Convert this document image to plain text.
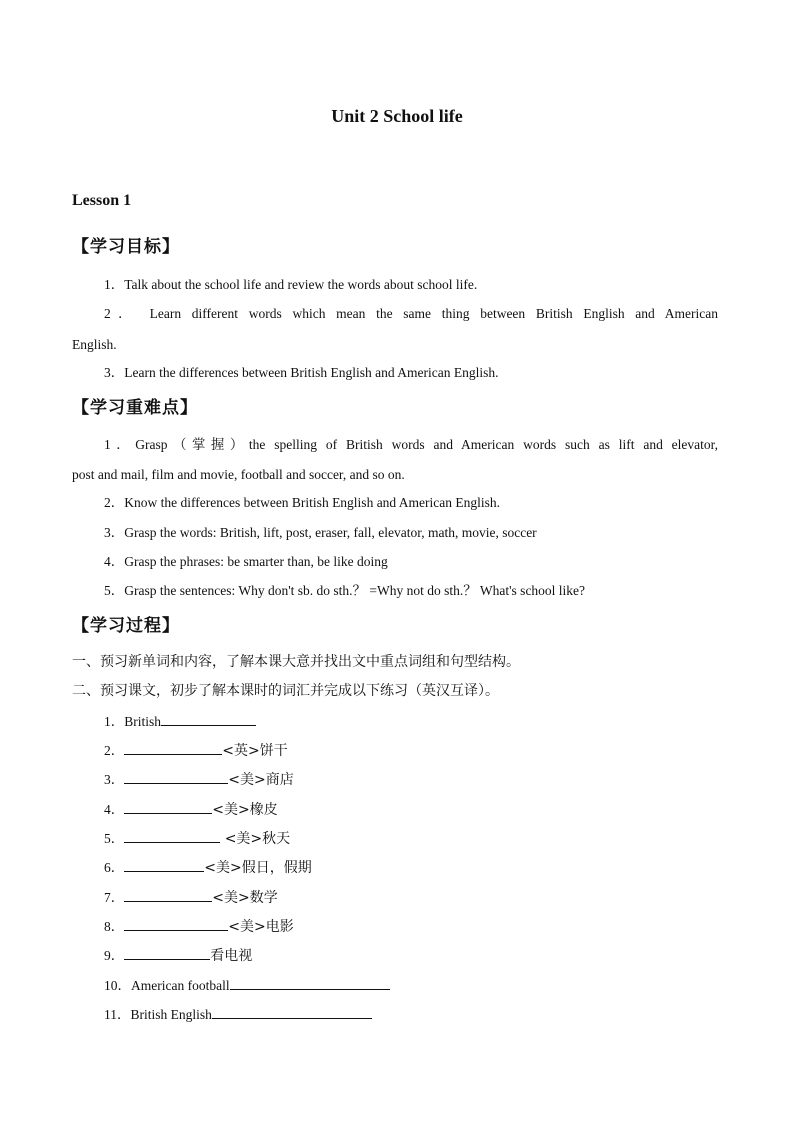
Unit 2 School life
Lesson 1
【学习目标】
1．Talk about the school life and review the words about school life.
2． Learn different words which mean the same thing between British English and American
English.
3．Learn the differences between British English and American English.
【学习重难点】
1．Grasp（掌握）the spelling of British words and American words such as lift and elevator,
post and mail, film and movie, football and soccer, and so on.
2．Know the differences between British English and American English.
3．Grasp the words: British, lift, post, eraser, fall, elevator, math, movie, soccer
4．Grasp the phrases: be smarter than, be like doing
5．Grasp the sentences: Why don't sb. do sth.？ =Why not do sth.？ What's school like?
【学习过程】
一、预习新单词和内容，了解本课大意并找出文中重点词组和句型结构。
二、预习课文，初步了解本课时的词汇并完成以下练习（英汉互译）。
1．British
2．	<英>饼干
3．	<美>商店
4．	<美>橡皮
5．	<美>秋天
6．	<美>假日，假期
7．	<美>数学
8．	<美>电影
9．	看电视
10．American football
11．British English
